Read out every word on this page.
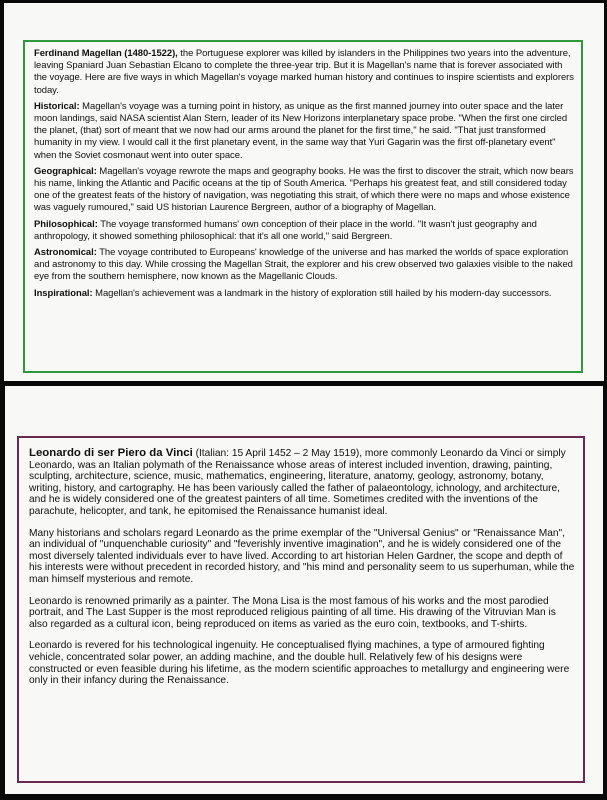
Ferdinand Magellan (1480-1522), the Portuguese explorer was killed by islanders in the Philippines two years into the adventure, leaving Spaniard Juan Sebastian Elcano to complete the three-year trip. But it is Magellan's name that is forever associated with the voyage. Here are five ways in which Magellan's voyage marked human history and continues to inspire scientists and explorers today.

Historical: Magellan's voyage was a turning point in history, as unique as the first manned journey into outer space and the later moon landings, said NASA scientist Alan Stern, leader of its New Horizons interplanetary space probe. "When the first one circled the planet, (that) sort of meant that we now had our arms around the planet for the first time," he said. "That just transformed humanity in my view. I would call it the first planetary event, in the same way that Yuri Gagarin was the first off-planetary event" when the Soviet cosmonaut went into outer space.

Geographical: Magellan's voyage rewrote the maps and geography books. He was the first to discover the strait, which now bears his name, linking the Atlantic and Pacific oceans at the tip of South America. "Perhaps his greatest feat, and still considered today one of the greatest feats of the history of navigation, was negotiating this strait, of which there were no maps and whose existence was vaguely rumoured," said US historian Laurence Bergreen, author of a biography of Magellan.

Philosophical: The voyage transformed humans' own conception of their place in the world. "It wasn't just geography and anthropology, it showed something philosophical: that it's all one world," said Bergreen.

Astronomical: The voyage contributed to Europeans' knowledge of the universe and has marked the worlds of space exploration and astronomy to this day. While crossing the Magellan Strait, the explorer and his crew observed two galaxies visible to the naked eye from the southern hemisphere, now known as the Magellanic Clouds.

Inspirational: Magellan's achievement was a landmark in the history of exploration still hailed by his modern-day successors.

Leonardo di ser Piero da Vinci (Italian: 15 April 1452 – 2 May 1519), more commonly Leonardo da Vinci or simply Leonardo, was an Italian polymath of the Renaissance whose areas of interest included invention, drawing, painting, sculpting, architecture, science, music, mathematics, engineering, literature, anatomy, geology, astronomy, botany, writing, history, and cartography. He has been variously called the father of palaeontology, ichnology, and architecture, and he is widely considered one of the greatest painters of all time. Sometimes credited with the inventions of the parachute, helicopter, and tank, he epitomised the Renaissance humanist ideal.

Many historians and scholars regard Leonardo as the prime exemplar of the "Universal Genius" or "Renaissance Man", an individual of "unquenchable curiosity" and "feverishly inventive imagination", and he is widely considered one of the most diversely talented individuals ever to have lived. According to art historian Helen Gardner, the scope and depth of his interests were without precedent in recorded history, and "his mind and personality seem to us superhuman, while the man himself mysterious and remote.

Leonardo is renowned primarily as a painter. The Mona Lisa is the most famous of his works and the most parodied portrait, and The Last Supper is the most reproduced religious painting of all time. His drawing of the Vitruvian Man is also regarded as a cultural icon, being reproduced on items as varied as the euro coin, textbooks, and T-shirts.

Leonardo is revered for his technological ingenuity. He conceptualised flying machines, a type of armoured fighting vehicle, concentrated solar power, an adding machine, and the double hull. Relatively few of his designs were constructed or even feasible during his lifetime, as the modern scientific approaches to metallurgy and engineering were only in their infancy during the Renaissance.
